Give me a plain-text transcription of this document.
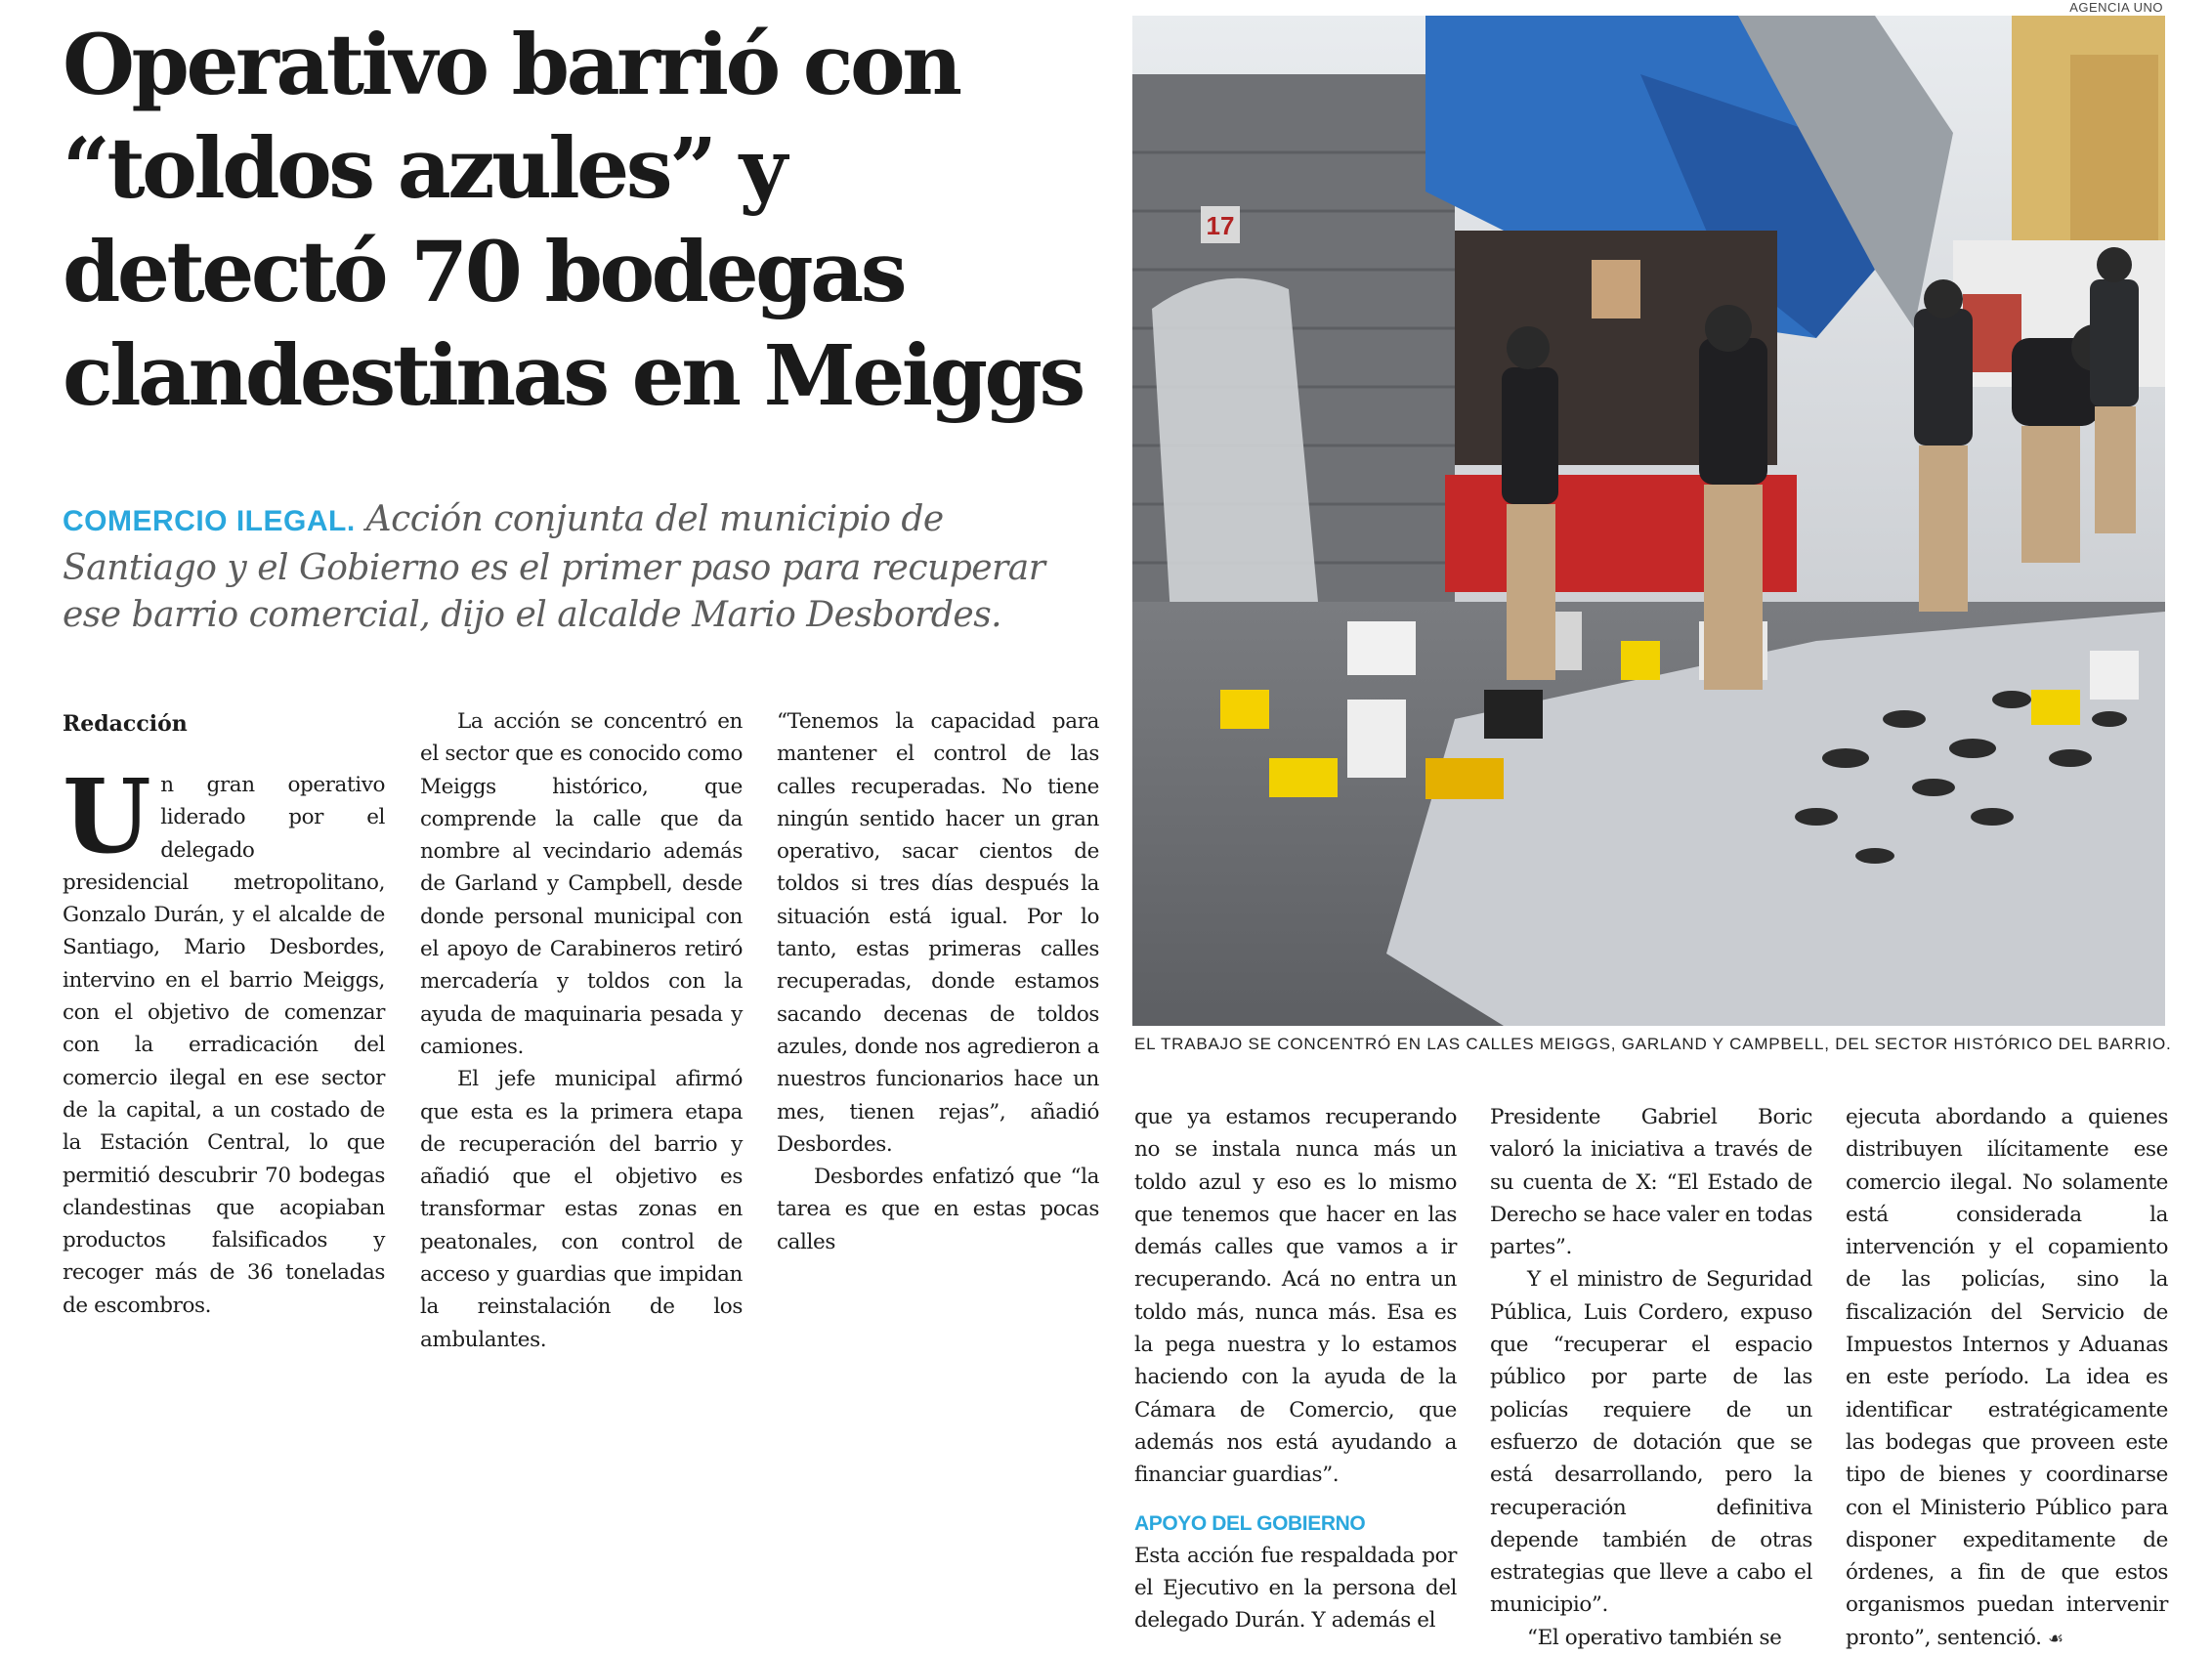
Operativo barrió con
“toldos azules” y
detectó 70 bodegas
clandestinas en Meiggs
COMERCIO ILEGAL. Acción conjunta del municipio de Santiago y el Gobierno es el primer paso para recuperar ese barrio comercial, dijo el alcalde Mario Desbordes.
Redacción

U n gran operativo liderado por el delegado presidencial metropolitano, Gonzalo Durán, y el alcalde de Santiago, Mario Desbordes, intervino en el barrio Meiggs, con el objetivo de comenzar con la erradicación del comercio ilegal en ese sector de la capital, a un costado de la Estación Central, lo que permitió descubrir 70 bodegas clandestinas que acopiaban productos falsificados y recoger más de 36 toneladas de escombros.

La acción se concentró en el sector que es conocido como Meiggs histórico, que comprende la calle que da nombre al vecindario además de Garland y Campbell, desde donde personal municipal con el apoyo de Carabineros retiró mercadería y toldos con la ayuda de maquinaria pesada y camiones.

El jefe municipal afirmó que esta es la primera etapa de recuperación del barrio y añadió que el objetivo es transformar estas zonas en peatonales, con control de acceso y guardias que impidan la reinstalación de los ambulantes.

“Tenemos la capacidad para mantener el control de las calles recuperadas. No tiene ningún sentido hacer un gran operativo, sacar cientos de toldos si tres días después la situación está igual. Por lo tanto, estas primeras calles recuperadas, donde estamos sacando decenas de toldos azules, donde nos agredieron a nuestros funcionarios hace un mes, tienen rejas”, añadió Desbordes.

Desbordes enfatizó que “la tarea es que en estas pocas calles

17
AGENCIA UNO
EL TRABAJO SE CONCENTRÓ EN LAS CALLES MEIGGS, GARLAND Y CAMPBELL, DEL SECTOR HISTÓRICO DEL BARRIO.

que ya estamos recuperando no se instala nunca más un toldo azul y eso es lo mismo que tenemos que hacer en las demás calles que vamos a ir recuperando. Acá no entra un toldo más, nunca más. Esa es la pega nuestra y lo estamos haciendo con la ayuda de la Cámara de Comercio, que además nos está ayudando a financiar guardias”.

APOYO DEL GOBIERNO

Esta acción fue respaldada por el Ejecutivo en la persona del delegado Durán. Y además el

Presidente Gabriel Boric valoró la iniciativa a través de su cuenta de X: “El Estado de Derecho se hace valer en todas partes”.

Y el ministro de Seguridad Pública, Luis Cordero, expuso que “recuperar el espacio público por parte de las policías requiere de un esfuerzo de dotación que se está desarrollando, pero la recuperación definitiva depende también de otras estrategias que lleve a cabo el municipio”.

“El operativo también se

ejecuta abordando a quienes distribuyen ilícitamente ese comercio ilegal. No solamente está considerada la intervención y el copamiento de las policías, sino la fiscalización del Servicio de Impuestos Internos y Aduanas en este período. La idea es identificar estratégicamente las bodegas que proveen este tipo de bienes y coordinarse con el Ministerio Público para disponer expeditamente de órdenes, a fin de que estos organismos puedan intervenir pronto”, sentenció. ☙
